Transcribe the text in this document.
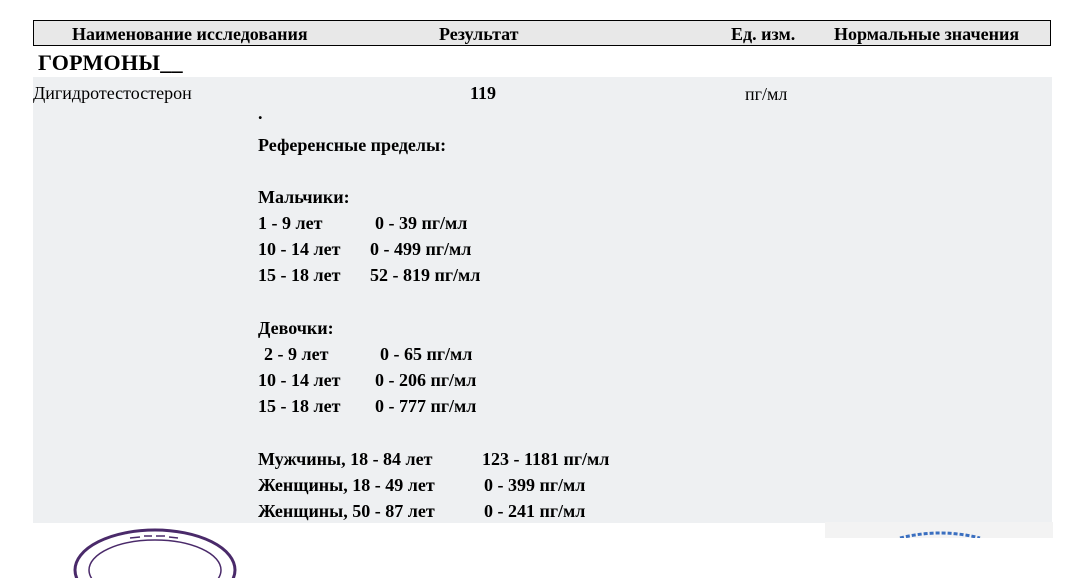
Наименование исследования	Результат	Ед. изм. Нормальные значения
ГОРМОНЫ__
Дигидротестостерон	119	пг/мл
.
Референсные пределы:
Мальчики:
1 - 9 лет	0 - 39 пг/мл
10 - 14 лет 0 - 499 пг/мл
15 - 18 лет 52 - 819 пг/мл
Девочки:
2 - 9 лет	0 - 65 пг/мл
10 - 14 лет 0 - 206 пг/мл
15 - 18 лет 0 - 777 пг/мл
Мужчины, 18 - 84 лет	123 - 1181 пг/мл
Женщины, 18 - 49 лет	0 - 399 пг/мл
Женщины, 50 - 87 лет	0 - 241 пг/мл
